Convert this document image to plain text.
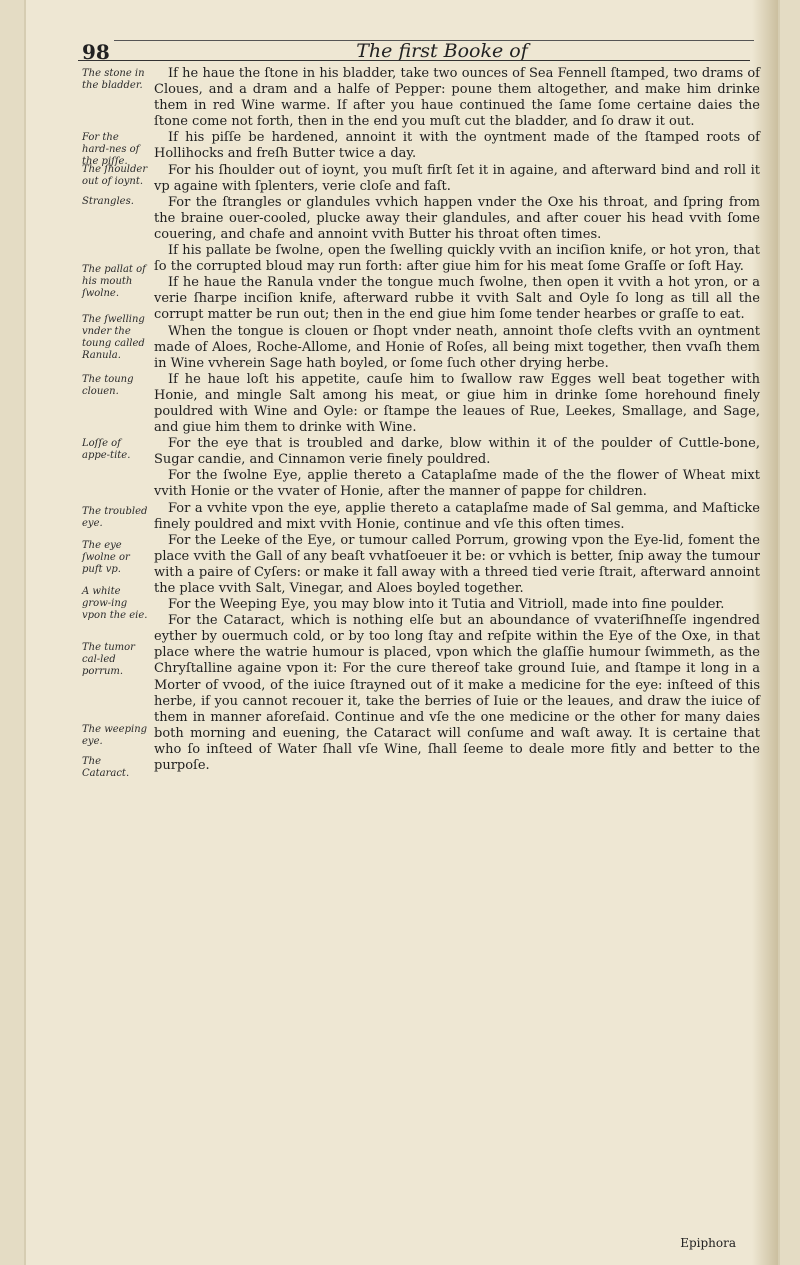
98	The first Booke of
The stone in the bladder.
For the hard-nes of the piſſe.
The ſhoulder out of ioynt.
Strangles.
The pallat of his mouth ſwolne.
The ſwelling vnder the toung called Ranula.
The toung clouen.
Loſſe of appe-tite.
The troubled eye.
The eye ſwolne or puft vp.
A white grow-ing vpon the eie.
The tumor cal-led porrum.
The weeping eye.
The Cataract.

If he haue the ſtone in his bladder, take two ounces of Sea Fennell ſtamped, two drams of Cloues, and a dram and a halfe of Pepper: poune them altogether, and make him drinke them in red Wine warme. If after you haue continued the ſame ſome certaine daies the ſtone come not forth, then in the end you muſt cut the bladder, and ſo draw it out.

If his piſſe be hardened, annoint it with the oyntment made of the ſtamped roots of Hollihocks and freſh Butter twice a day.

For his ſhoulder out of ioynt, you muſt firſt ſet it in againe, and afterward bind and roll it vp againe with ſplenters, verie cloſe and faſt.

For the ſtrangles or glandules vvhich happen vnder the Oxe his throat, and ſpring from the braine ouer-cooled, plucke away their glandules, and after couer his head vvith ſome couering, and chafe and annoint vvith Butter his throat often times.

If his pallate be ſwolne, open the ſwelling quickly vvith an inciſion knife, or hot yron, that ſo the corrupted bloud may run forth: after giue him for his meat ſome Graſſe or ſoft Hay.

If he haue the Ranula vnder the tongue much ſwolne, then open it vvith a hot yron, or a verie ſharpe inciſion knife, afterward rubbe it vvith Salt and Oyle ſo long as till all the corrupt matter be run out; then in the end giue him ſome tender hearbes or graſſe to eat.

When the tongue is clouen or ſhopt vnder neath, annoint thoſe clefts vvith an oyntment made of Aloes, Roche-Allome, and Honie of Roſes, all being mixt together, then vvaſh them in Wine vvherein Sage hath boyled, or ſome ſuch other drying herbe.

If he haue loſt his appetite, cauſe him to ſwallow raw Egges well beat together with Honie, and mingle Salt among his meat, or giue him in drinke ſome horehound finely pouldred with Wine and Oyle: or ſtampe the leaues of Rue, Leekes, Smallage, and Sage, and giue him them to drinke with Wine.

For the eye that is troubled and darke, blow within it of the poulder of Cuttle-bone, Sugar candie, and Cinnamon verie finely pouldred.

For the ſwolne Eye, applie thereto a Cataplaſme made of the the flower of Wheat mixt vvith Honie or the vvater of Honie, after the manner of pappe for children.

For a vvhite vpon the eye, applie thereto a cataplaſme made of Sal gemma, and Maſticke finely pouldred and mixt vvith Honie, continue and vſe this often times.

For the Leeke of the Eye, or tumour called Porrum, growing vpon the Eye-lid, foment the place vvith the Gall of any beaſt vvhatſoeuer it be: or vvhich is better, ſnip away the tumour with a paire of Cyſers: or make it fall away with a threed tied verie ſtrait, afterward annoint the place vvith Salt, Vinegar, and Aloes boyled together.

For the Weeping Eye, you may blow into it Tutia and Vitrioll, made into fine poulder.

For the Cataract, which is nothing elſe but an aboundance of vvateriſhneſſe ingendred eyther by ouermuch cold, or by too long ſtay and reſpite within the Eye of the Oxe, in that place where the watrie humour is placed, vpon which the glaſſie humour ſwimmeth, as the Chryſtalline againe vpon it: For the cure thereof take ground Iuie, and ſtampe it long in a Morter of vvood, of the iuice ſtrayned out of it make a medicine for the eye: inſteed of this herbe, if you cannot recouer it, take the berries of Iuie or the leaues, and draw the iuice of them in manner aforeſaid. Continue and vſe the one medicine or the other for many daies both morning and euening, the Cataract will conſume and waſt away. It is certaine that who ſo inſteed of Water ſhall vſe Wine, ſhall ſeeme to deale more fitly and better to the purpoſe.

Epiphora
